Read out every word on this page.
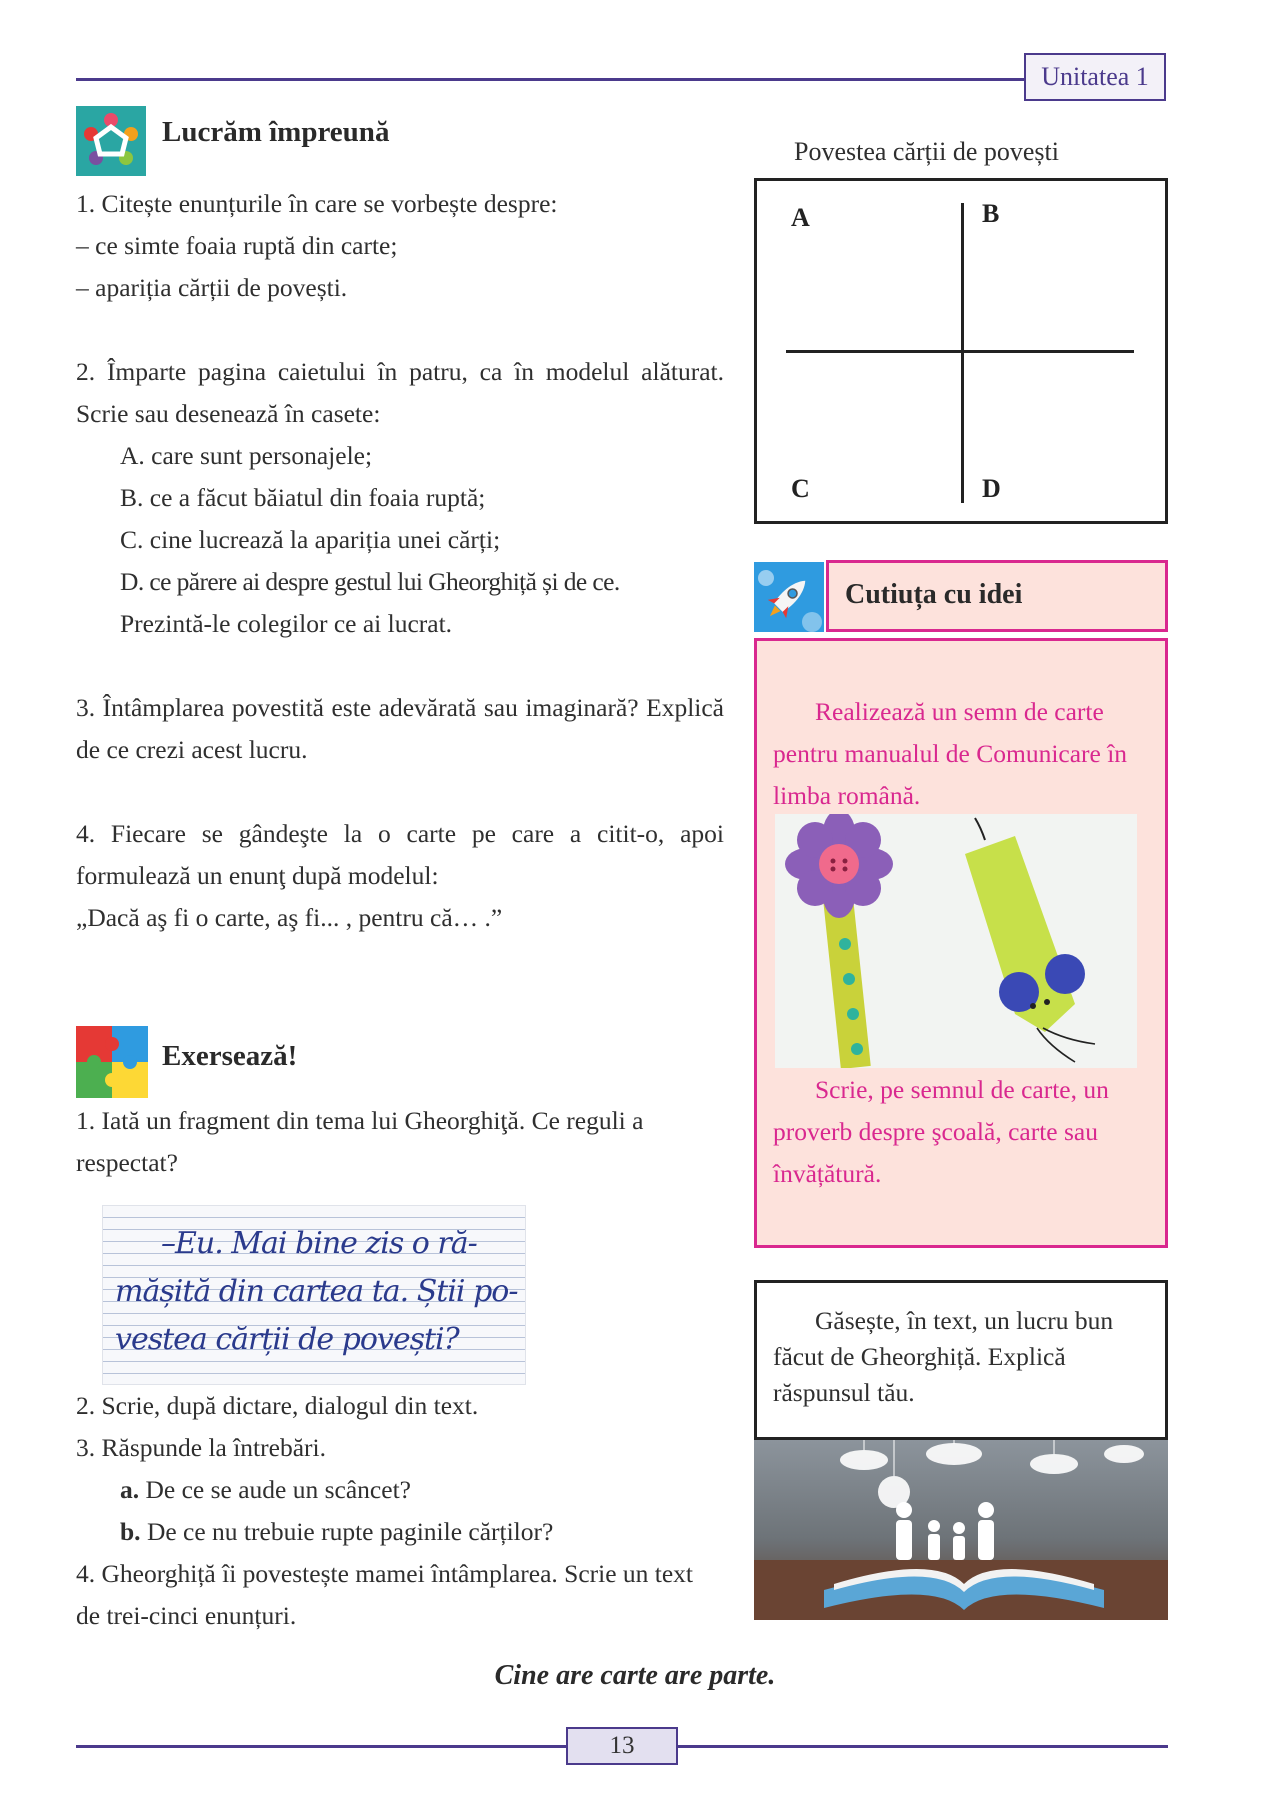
Unitatea 1
Lucrăm împreună

1. Citește enunțurile în care se vorbește despre:

– ce simte foaia ruptă din carte;

– apariția cărții de povești.

2. Împarte pagina caietului în patru, ca în modelul alăturat. Scrie sau desenează în casete:

A. care sunt personajele;

B. ce a făcut băiatul din foaia ruptă;

C. cine lucrează la apariția unei cărți;

D. ce părere ai despre gestul lui Gheorghiță și de ce.

Prezintă-le colegilor ce ai lucrat.

3. Întâmplarea povestită este adevărată sau imaginară? Explică de ce crezi acest lucru.

4. Fiecare se gândeşte la o carte pe care a citit-o, apoi formulează un enunţ după modelul:

„Dacă aş fi o carte, aş fi... , pentru că… .”

Povestea cărții de povești
A	B
C	D
Cutiuța cu idei

Realizează un semn de carte pentru manualul de Comunicare în limba română.

Scrie, pe semnul de carte, un proverb despre şcoală, carte sau învățătură.

Exersează!

1. Iată un fragment din tema lui Gheorghiţă. Ce reguli a respectat?

–Eu. Mai bine zis o ră-
mășită din cartea ta. Știi po-
vestea cărții de povești?

2. Scrie, după dictare, dialogul din text.

3. Răspunde la întrebări.

a. De ce se aude un scâncet?

b. De ce nu trebuie rupte paginile cărților?

4. Gheorghiță îi povestește mamei întâmplarea. Scrie un text de trei-cinci enunțuri.

Găsește, în text, un lucru bun făcut de Gheorghiță. Explică răspunsul tău.

Cine are carte are parte.
13
